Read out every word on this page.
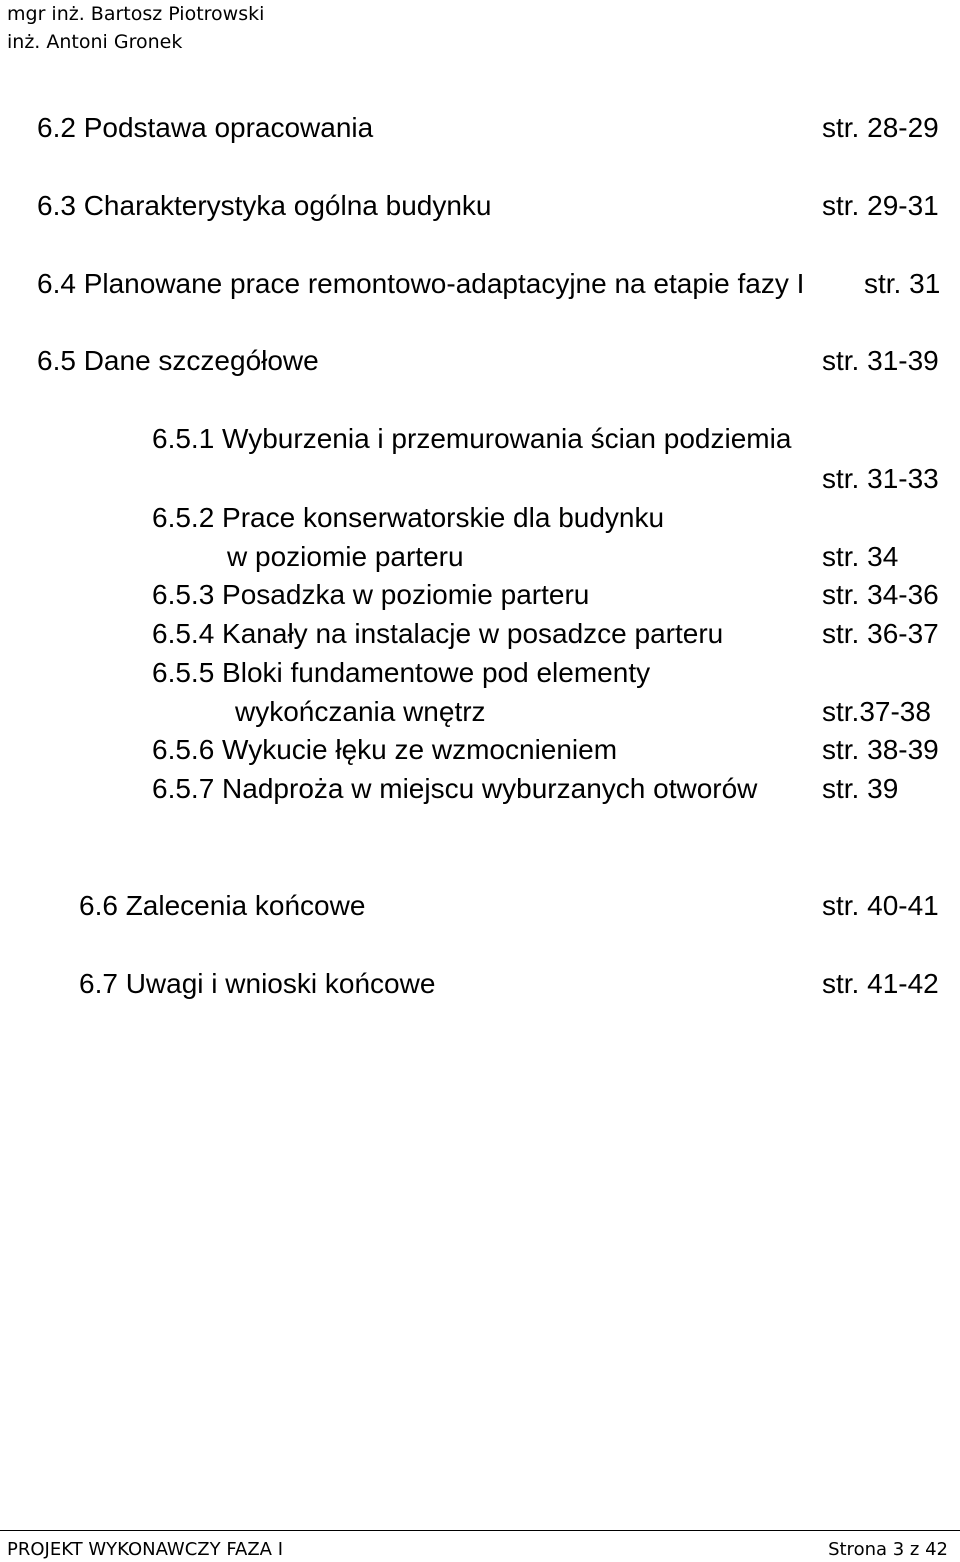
mgr inż. Bartosz Piotrowski
inż. Antoni Gronek
6.2 Podstawa opracowania	str. 28-29
6.3 Charakterystyka ogólna budynku	str. 29-31
6.4 Planowane prace remontowo-adaptacyjne na etapie fazy I str. 31
6.5 Dane szczegółowe	str. 31-39
6.5.1 Wyburzenia i przemurowania ścian podziemia
str. 31-33
6.5.2 Prace konserwatorskie dla budynku
w poziomie parteru	str. 34
6.5.3 Posadzka w poziomie parteru	str. 34-36
6.5.4 Kanały na instalacje w posadzce parteru	str. 36-37
6.5.5 Bloki fundamentowe pod elementy
wykończania wnętrz	str.37-38
6.5.6 Wykucie łęku ze wzmocnieniem	str. 38-39
6.5.7 Nadproża w miejscu wyburzanych otworów str. 39
6.6 Zalecenia końcowe	str. 40-41
6.7 Uwagi i wnioski końcowe	str. 41-42
PROJEKT WYKONAWCZY FAZA I	Strona 3 z 42
